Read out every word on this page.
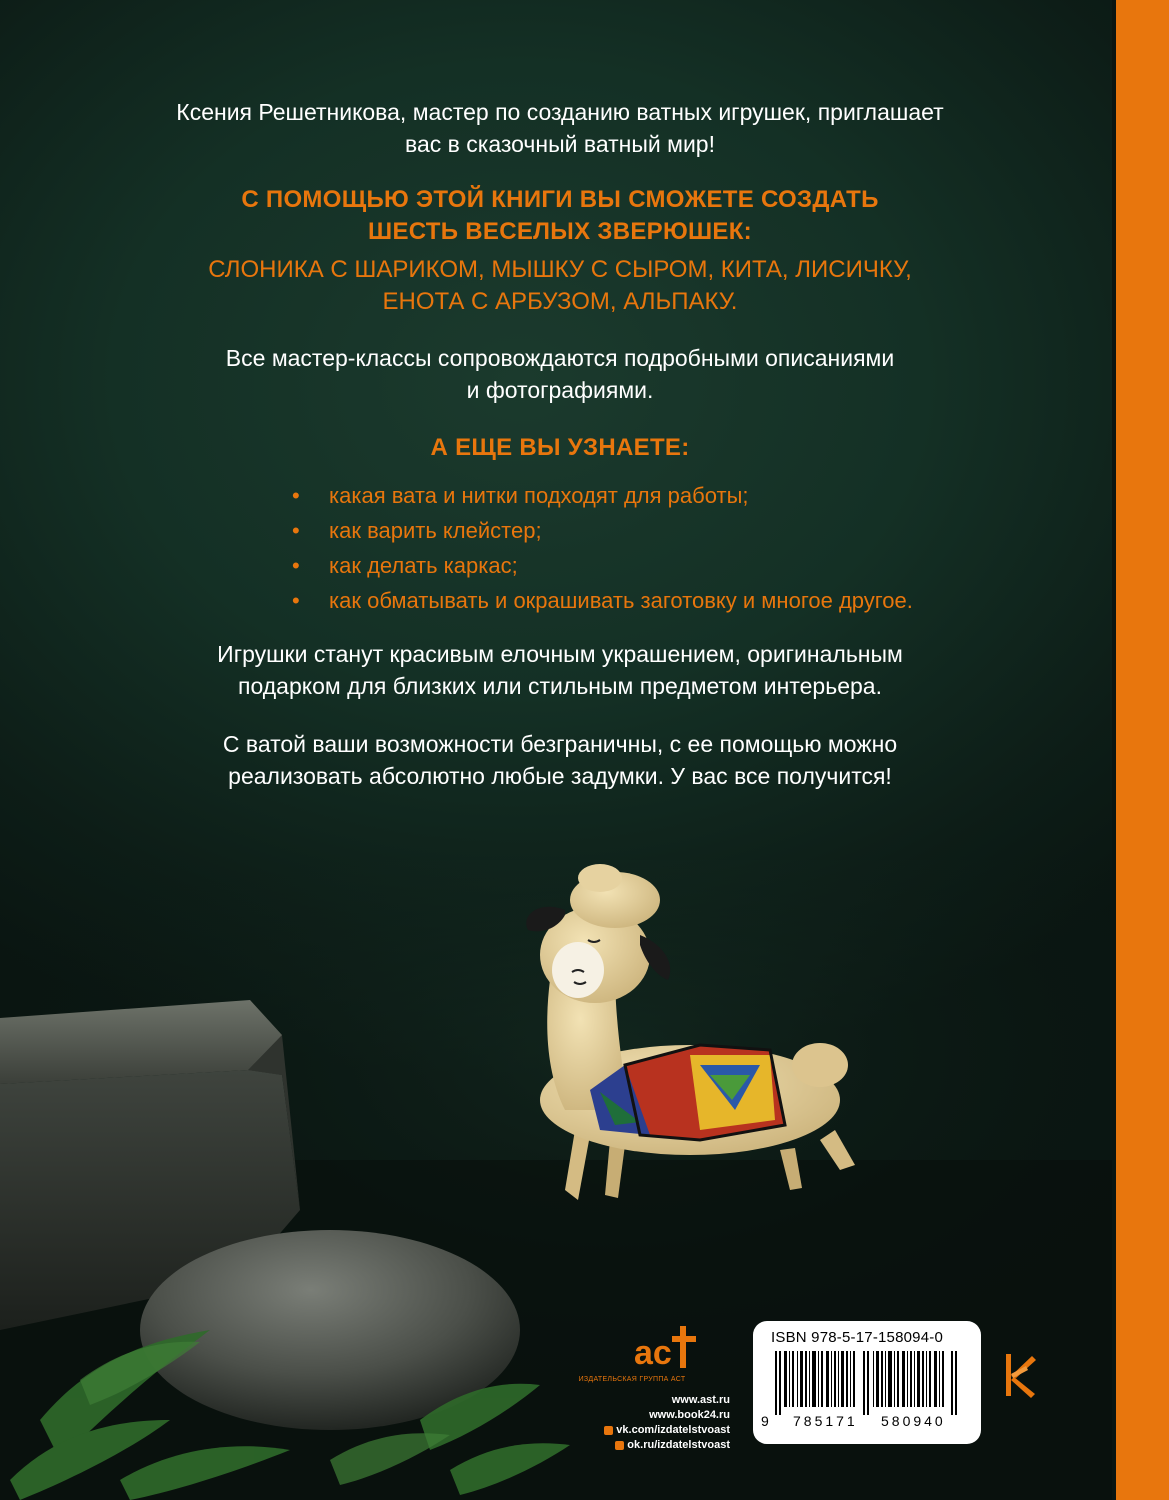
Ксения Решетникова, мастер по созданию ватных игрушек, приглашает
вас в сказочный ватный мир!
С ПОМОЩЬЮ ЭТОЙ КНИГИ ВЫ СМОЖЕТЕ СОЗДАТЬ
ШЕСТЬ ВЕСЕЛЫХ ЗВЕРЮШЕК:
СЛОНИКА С ШАРИКОМ, МЫШКУ С СЫРОМ, КИТА, ЛИСИЧКУ,
ЕНОТА С АРБУЗОМ, АЛЬПАКУ.
Все мастер-классы сопровождаются подробными описаниями
и фотографиями.
А ЕЩЕ ВЫ УЗНАЕТЕ:
• какая вата и нитки подходят для работы;
• как варить клейстер;
• как делать каркас;
• как обматывать и окрашивать заготовку и многое другое.
Игрушки станут красивым елочным украшением, оригинальным
подарком для близких или стильным предметом интерьера.
С ватой ваши возможности безграничны, с ее помощью можно
реализовать абсолютно любые задумки. У вас все получится!
ac
ИЗДАТЕЛЬСКАЯ ГРУППА АСТ
www.ast.ru
www.book24.ru
vk.com/izdatelstvoast
ok.ru/izdatelstvoast
ISBN 978-5-17-158094-0
9 785171 580940
